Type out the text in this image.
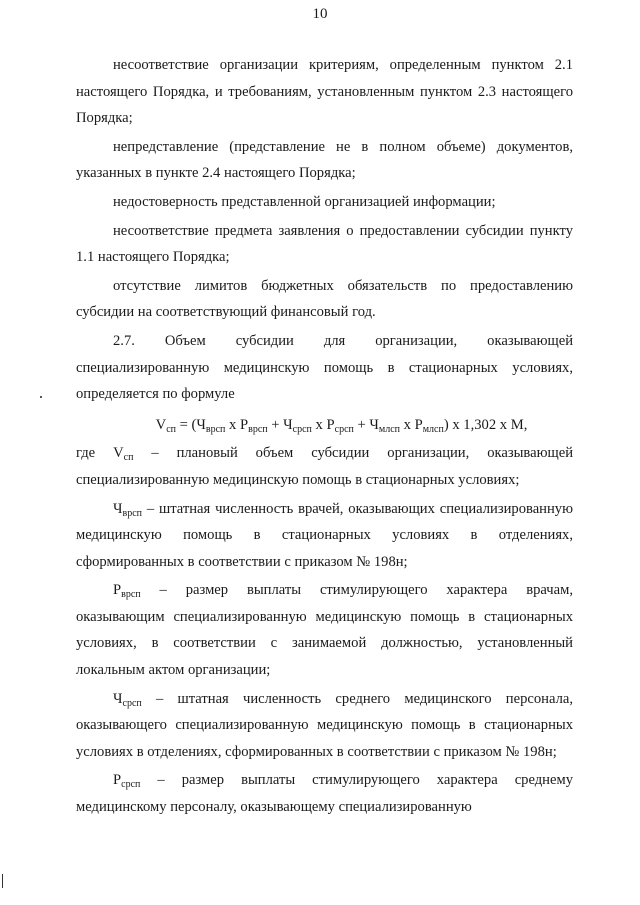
10

несоответствие организации критериям, определенным пунктом 2.1 настоящего Порядка, и требованиям, установленным пунктом 2.3 настоящего Порядка;

непредставление (представление не в полном объеме) документов, указанных в пункте 2.4 настоящего Порядка;

недостоверность представленной организацией информации;

несоответствие предмета заявления о предоставлении субсидии пункту 1.1 настоящего Порядка;

отсутствие лимитов бюджетных обязательств по предоставлению субсидии на соответствующий финансовый год.

2.7. Объем субсидии для организации, оказывающей специализированную медицинскую помощь в стационарных условиях, определяется по формуле

$V_{сп} = (Ч_{врсп}$ x $Р_{врсп} + Ч_{срсп}$ x $Р_{срсп} + Ч_{млсп}$ x $Р_{млсп}$) x 1,302 x M,

где $V_{сп}$ – плановый объем субсидии организации, оказывающей специализированную медицинскую помощь в стационарных условиях;

$Ч_{врсп}$ – штатная численность врачей, оказывающих специализированную медицинскую помощь в стационарных условиях в отделениях, сформированных в соответствии с приказом № 198н;

$Р_{врсп}$ – размер выплаты стимулирующего характера врачам, оказывающим специализированную медицинскую помощь в стационарных условиях, в соответствии с занимаемой должностью, установленный локальным актом организации;

$Ч_{срсп}$ – штатная численность среднего медицинского персонала, оказывающего специализированную медицинскую помощь в стационарных условиях в отделениях, сформированных в соответствии с приказом № 198н;

$Р_{срсп}$ – размер выплаты стимулирующего характера среднему медицинскому персоналу, оказывающему специализированную
